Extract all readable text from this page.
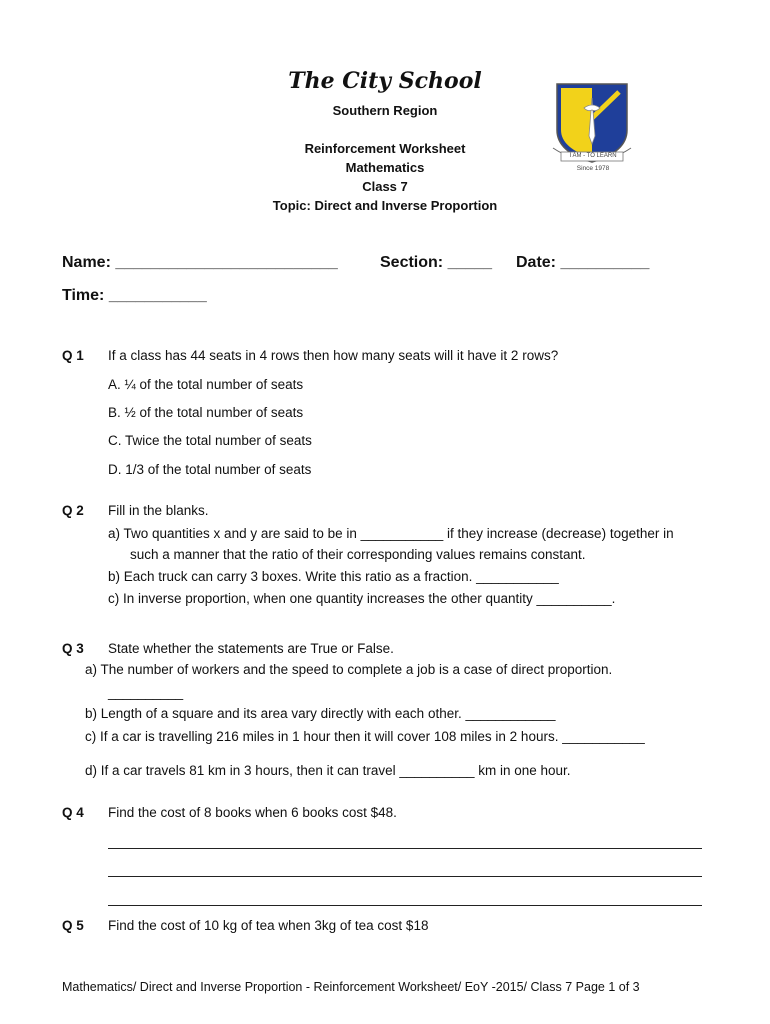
The City School
Southern Region
Reinforcement Worksheet
Mathematics
Class 7
Topic: Direct and Inverse Proportion
I AM - TO LEARN
Since 1978
Name: _________________________	Section: _____ Date: __________
Time: ___________
Q 1 If a class has 44 seats in 4 rows then how many seats will it have it 2 rows?
A. ¼ of the total number of seats
B. ½ of the total number of seats
C. Twice the total number of seats
D. 1/3 of the total number of seats
Q 2 Fill in the blanks.
a) Two quantities x and y are said to be in ___________ if they increase (decrease) together in
such a manner that the ratio of their corresponding values remains constant.
b) Each truck can carry 3 boxes. Write this ratio as a fraction. ___________
c) In inverse proportion, when one quantity increases the other quantity __________.
Q 3 State whether the statements are True or False.
a) The number of workers and the speed to complete a job is a case of direct proportion.
__________
b) Length of a square and its area vary directly with each other. ____________
c) If a car is travelling 216 miles in 1 hour then it will cover 108 miles in 2 hours. ___________
d) If a car travels 81 km in 3 hours, then it can travel __________ km in one hour.
Q 4 Find the cost of 8 books when 6 books cost $48.
Q 5 Find the cost of 10 kg of tea when 3kg of tea cost $18
Mathematics/ Direct and Inverse Proportion - Reinforcement Worksheet/ EoY -2015/ Class 7 Page 1 of 3
